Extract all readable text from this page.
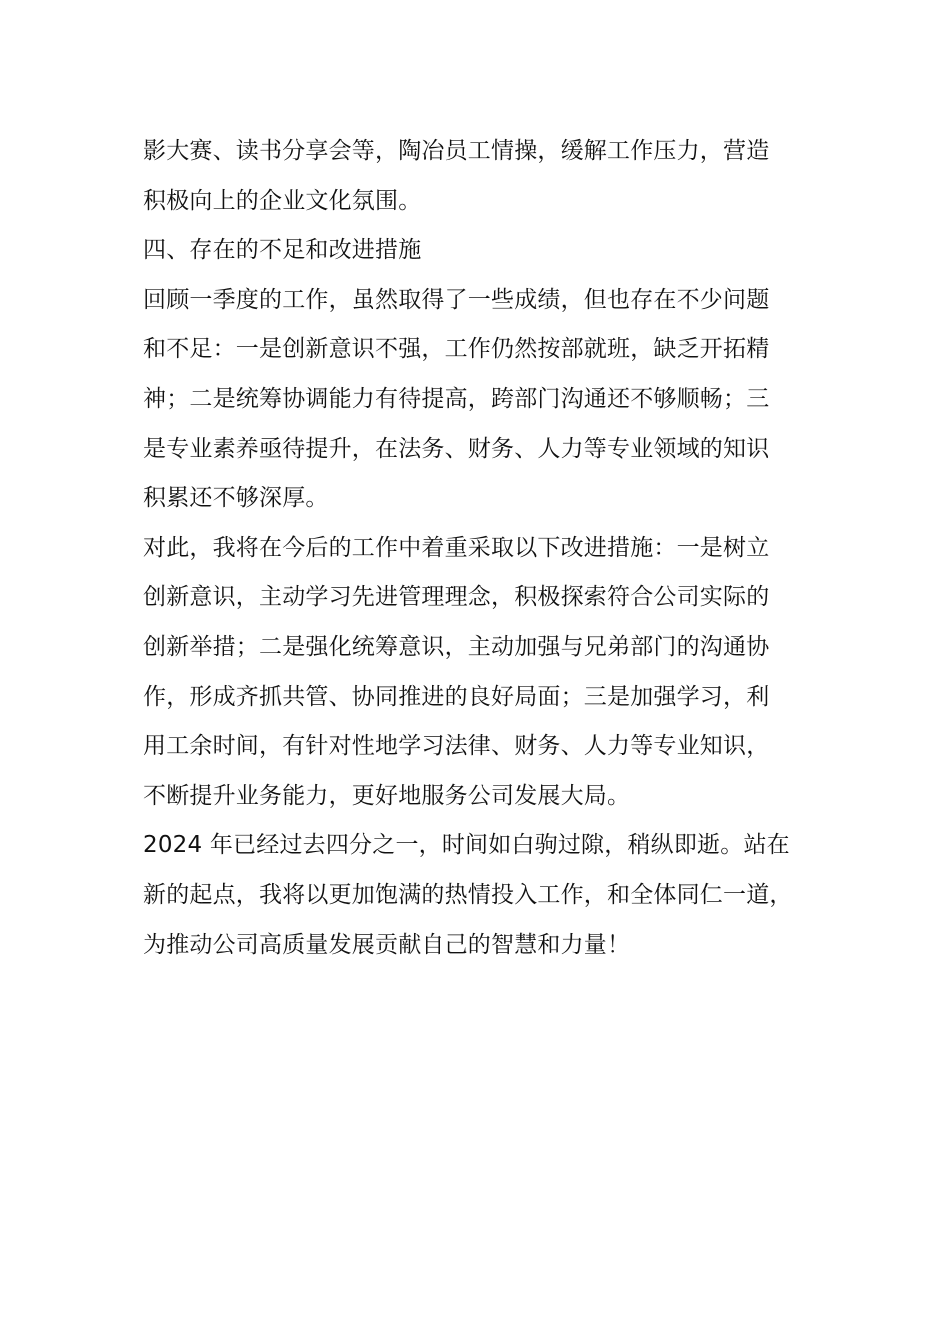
影大赛、读书分享会等，陶冶员工情操，缓解工作压力，营造
积极向上的企业文化氛围。
四、存在的不足和改进措施
回顾一季度的工作，虽然取得了一些成绩，但也存在不少问题
和不足：一是创新意识不强，工作仍然按部就班，缺乏开拓精
神；二是统筹协调能力有待提高，跨部门沟通还不够顺畅；三
是专业素养亟待提升，在法务、财务、人力等专业领域的知识
积累还不够深厚。
对此，我将在今后的工作中着重采取以下改进措施：一是树立
创新意识，主动学习先进管理理念，积极探索符合公司实际的
创新举措；二是强化统筹意识，主动加强与兄弟部门的沟通协
作，形成齐抓共管、协同推进的良好局面；三是加强学习，利
用工余时间，有针对性地学习法律、财务、人力等专业知识，
不断提升业务能力，更好地服务公司发展大局。
2024 年已经过去四分之一，时间如白驹过隙，稍纵即逝。站在
新的起点，我将以更加饱满的热情投入工作，和全体同仁一道，
为推动公司高质量发展贡献自己的智慧和力量！
